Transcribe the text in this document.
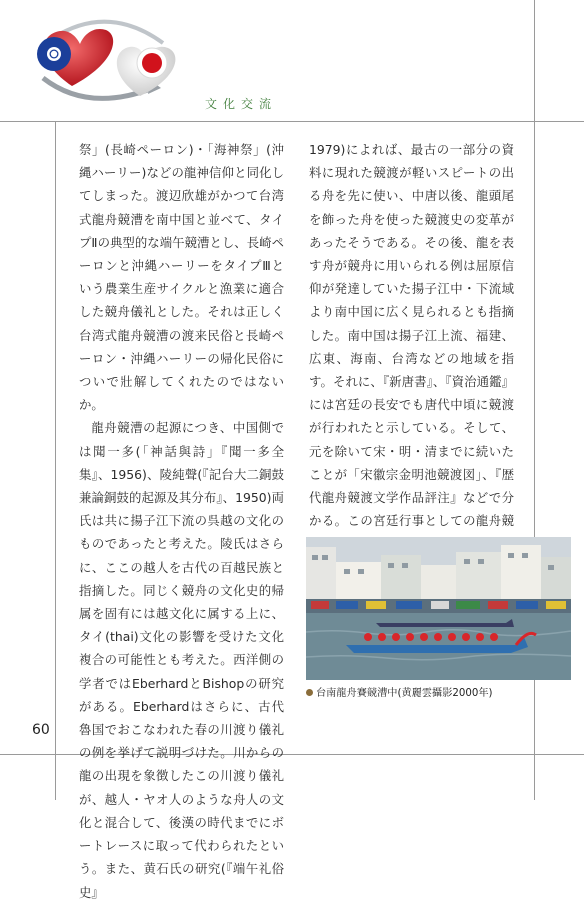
文化交流

祭」(長崎ペーロン)・「海神祭」(沖縄ハーリー)などの龍神信仰と同化してしまった。渡辺欣雄がかつて台湾式龍舟競漕を南中国と並べて、タイプⅡの典型的な端午競漕とし、長崎ペーロンと沖縄ハーリーをタイプⅢという農業生産サイクルと漁業に適合した競舟儀礼とした。それは正しく台湾式龍舟競漕の渡来民俗と長崎ペーロン・沖縄ハーリーの帰化民俗についで壯解してくれたのではないか。

龍舟競漕の起源につき、中国側では聞一多(「神話與詩」『聞一多全集』、1956)、陵純聲(『記台大二銅鼓兼論銅鼓的起源及其分布』、1950)両氏は共に揚子江下流の呉越の文化のものであったと考えた。陵氏はさらに、ここの越人を古代の百越民族と指摘した。同じく競舟の文化史的帰属を固有には越文化に属する上に、タイ(thai)文化の影響を受けた文化複合の可能性とも考えた。西洋側の学者ではEberhardとBishopの研究がある。Eberhardはさらに、古代魯国でおこなわれた春の川渡り儀礼の例を挙げて説明づけた。川からの龍の出現を象徴したこの川渡り儀礼が、越人・ヤオ人のような舟人の文化と混合して、後漢の時代までにボートレースに取って代わられたという。また、黄石氏の研究(『端午礼俗史』

1979)によれば、最古の一部分の資料に現れた競渡が軽いスピートの出る舟を先に使い、中唐以後、龍頭尾を飾った舟を使った競渡史の変革があったそうである。その後、龍を表す舟が競舟に用いられる例は屈原信仰が発達していた揚子江中・下流域より南中国に広く見られるとも指摘した。南中国は揚子江上流、福建、広東、海南、台湾などの地域を指す。それに、『新唐書』、『資治通鑑』には宮廷の長安でも唐代中頃に競渡が行われたと示している。そして、元を除いて宋・明・清までに続いたことが「宋徽宗金明池競渡図」、『歴代龍舟競渡文学作品評注』などで分かる。この宮廷行事としての龍舟競

台南龍舟賽競漕中(黄麗雲攝影2000年)
60
